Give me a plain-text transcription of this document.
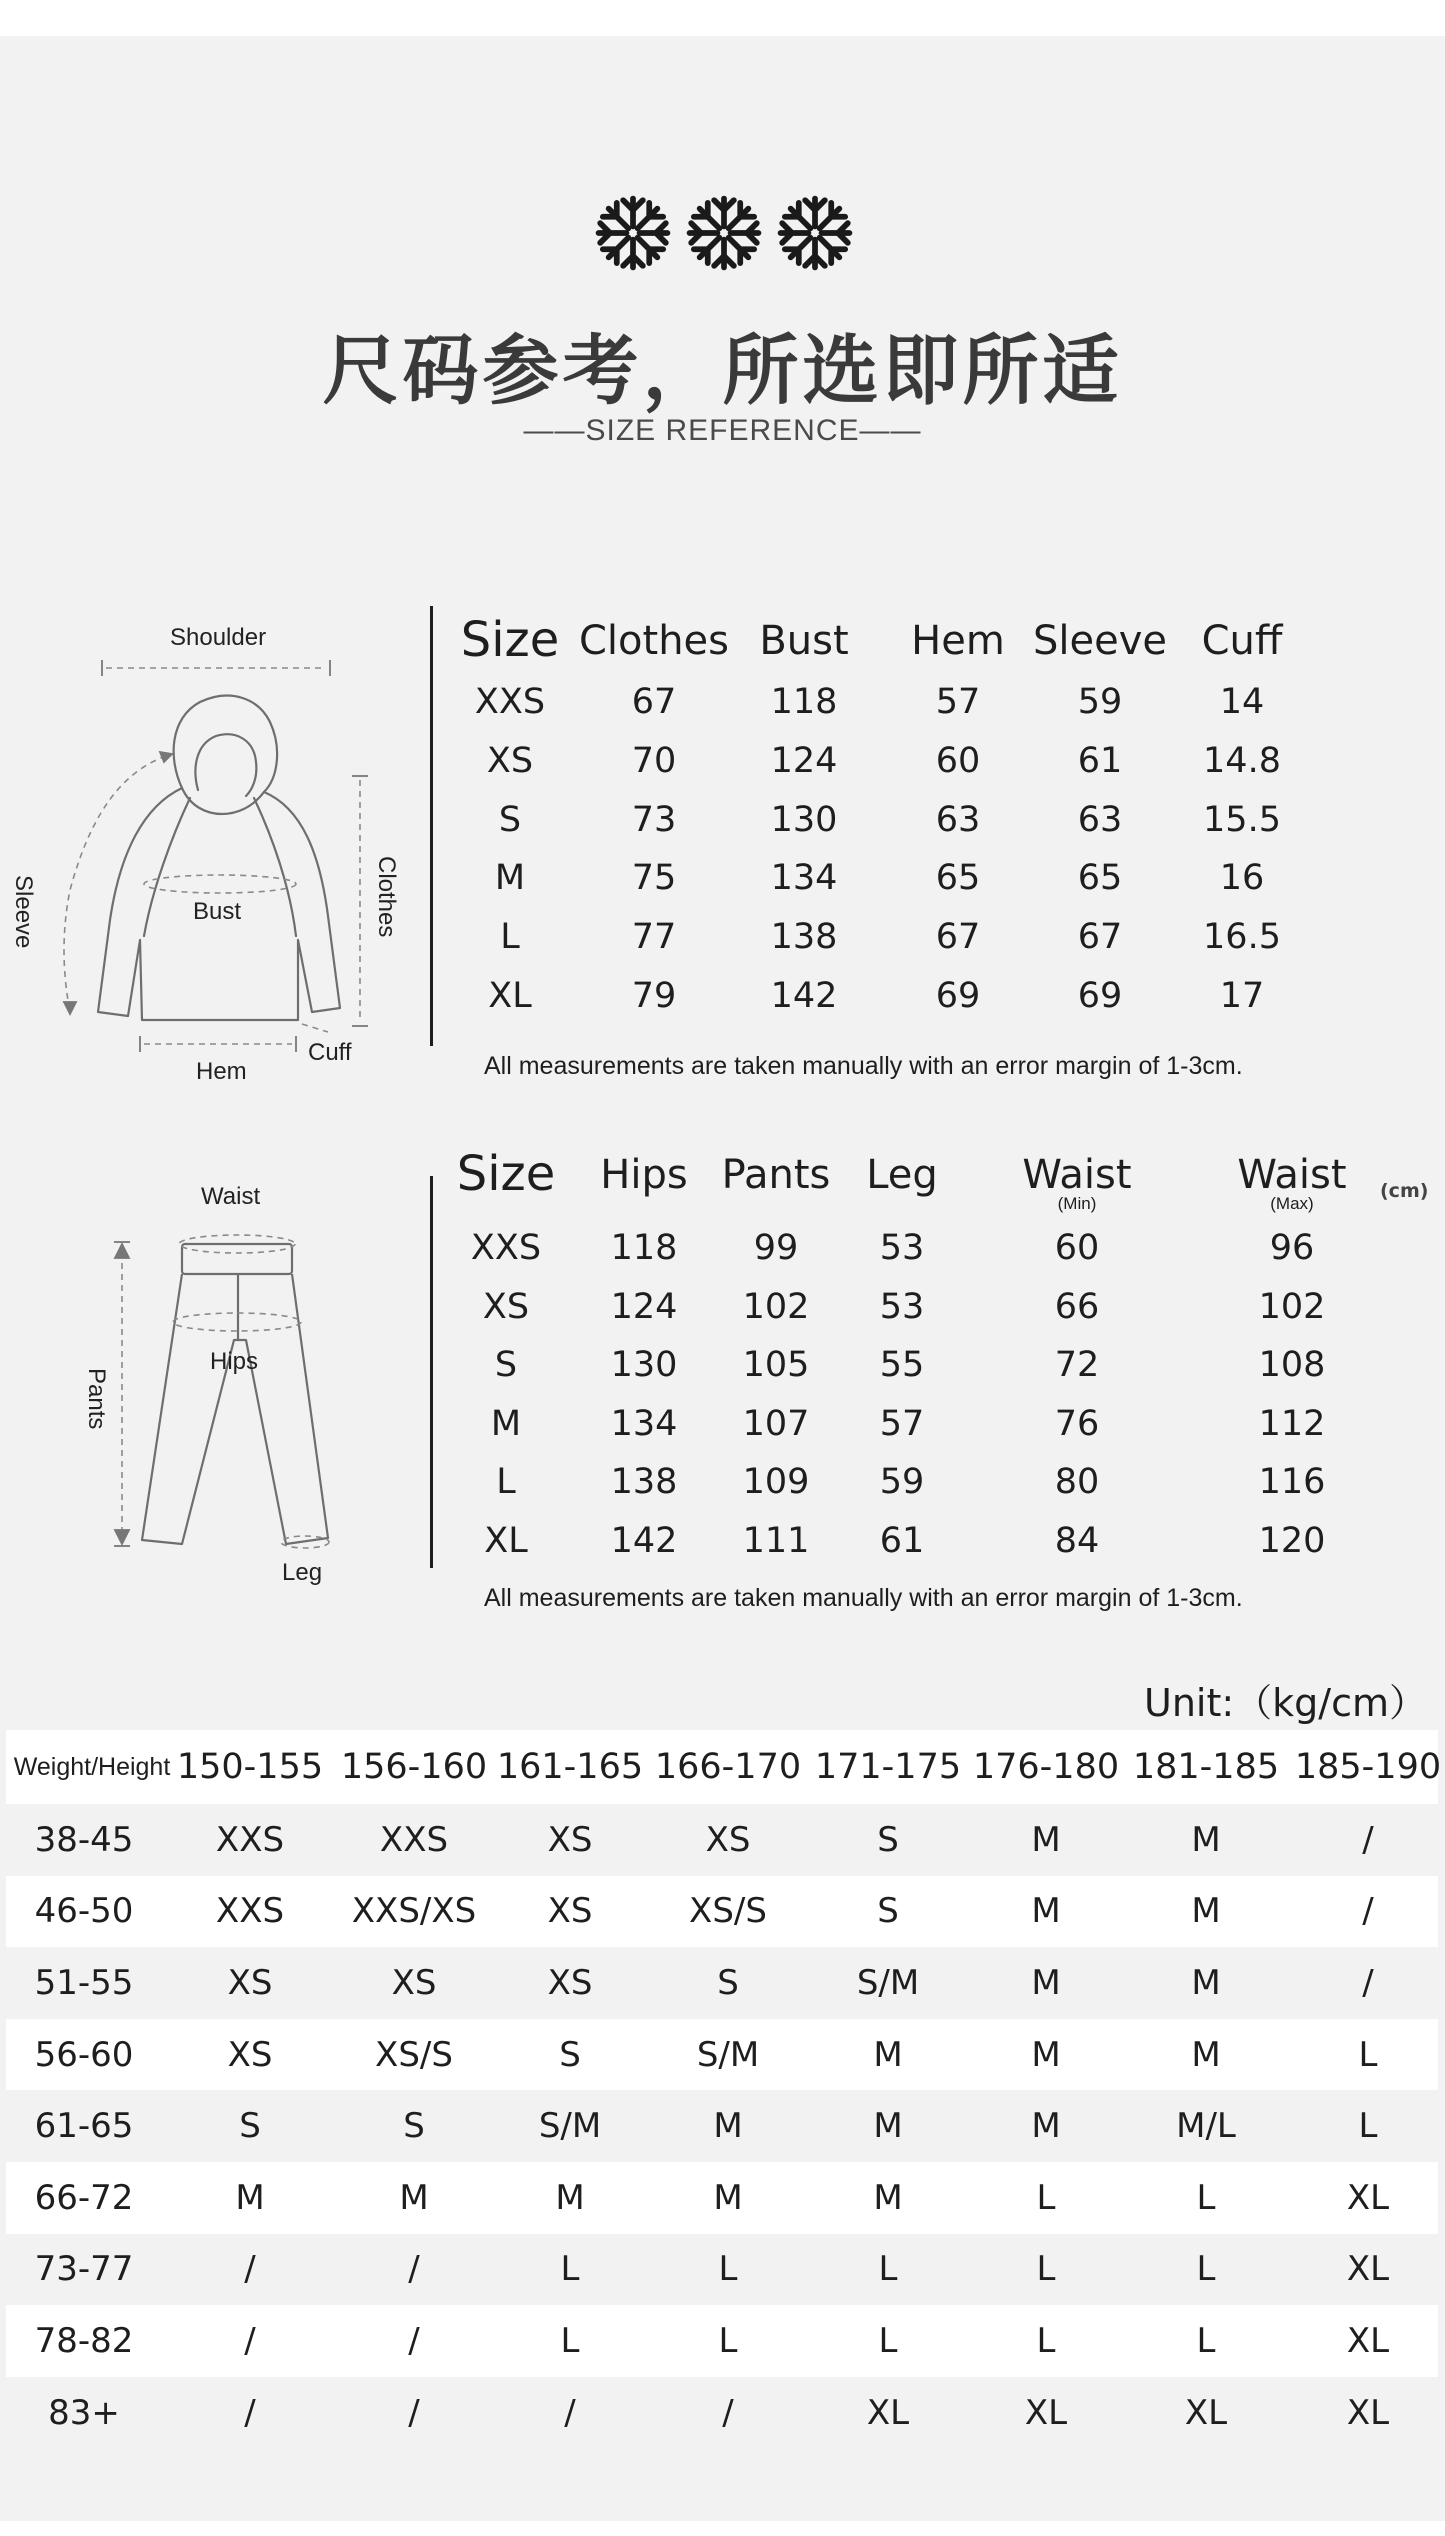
尺码参考，所选即所适
——SIZE REFERENCE——
Shoulder
Sleeve	Bust	Clothes
Hem
Cuff
Size Clothes Bust Hem Sleeve Cuff
XXS 67	118	57	59	14
XS	70	124	60	61 14.8
S	73	130	63	63 15.5
M	75	134	65	65	16
L	77	138	67	67 16.5
XL	79	142	69	69	17
All measurements are taken manually with an error margin of 1-3cm.
Waist
Pants
Hips
Leg
Size Hips Pants Leg Waist
(Min)
Waist
(Max)
XXS 118 99 53	60	96
XS 124 102 53	66	102
S	130 105 55	72	108
M	134 107 57	76	112
L	138 109 59	80	116
XL 142 111 61	84	120
(cm)
All measurements are taken manually with an error margin of 1-3cm.
Unit:（kg/cm）
Weight/Height 150-155 156-160 161-165 166-170 171-175 176-180 181-185 185-190
38-45 XXS	XXS	XS	XS	S	M	M	/
46-50 XXS XXS/XS XS	XS/S	S	M	M	/
51-55	XS	XS	XS	S	S/M	M	M	/
56-60	XS	XS/S	S	S/M	M	M	M	L
61-65	S	S	S/M	M	M	M	M/L	L
66-72	M	M	M	M	M	L	L	XL
73-77	/	/	L	L	L	L	L	XL
78-82	/	/	L	L	L	L	L	XL
83+	/	/	/	/	XL	XL	XL	XL
